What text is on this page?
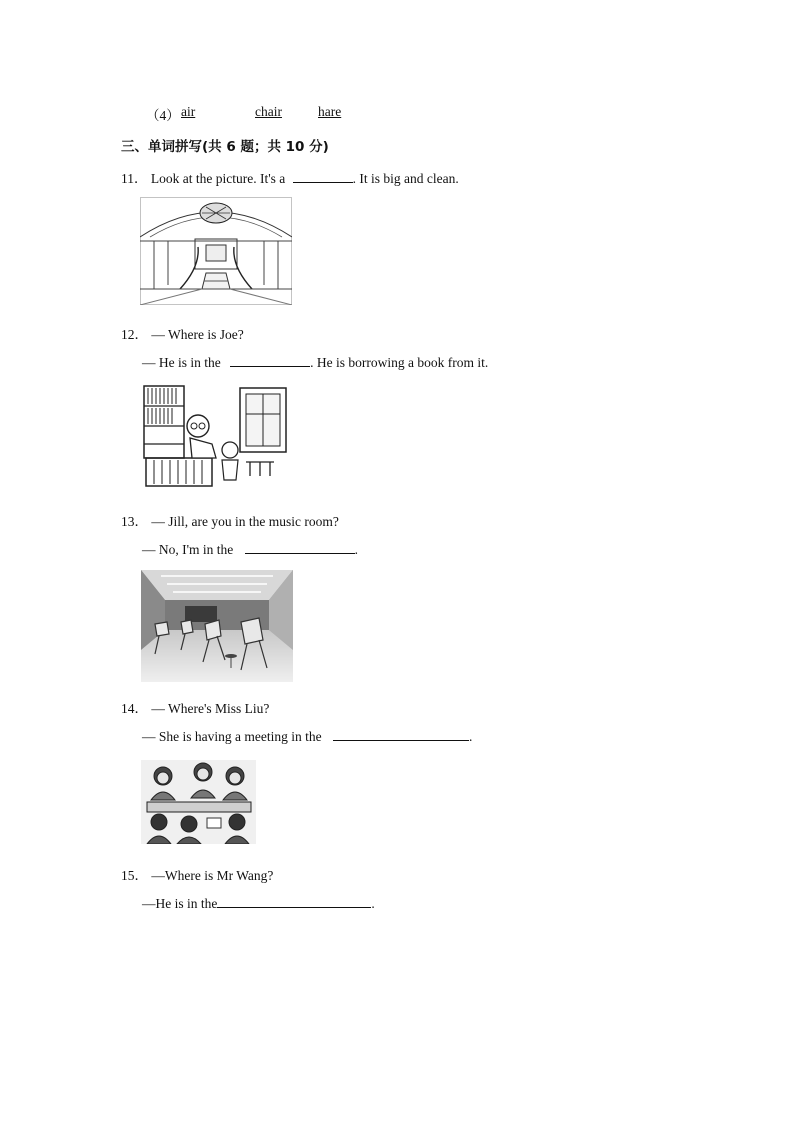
（4） air	chair	hare
三、单词拼写(共 6 题；共 10 分)
11． Look at the picture. It's a	. It is big and clean.
12． — Where is Joe?
— He is in the	. He is borrowing a book from it.
13． — Jill, are you in the music room?
— No, I'm in the	.
14． — Where's Miss Liu?
— She is having a meeting in the	.
15． —Where is Mr Wang?
—He is in the	.
